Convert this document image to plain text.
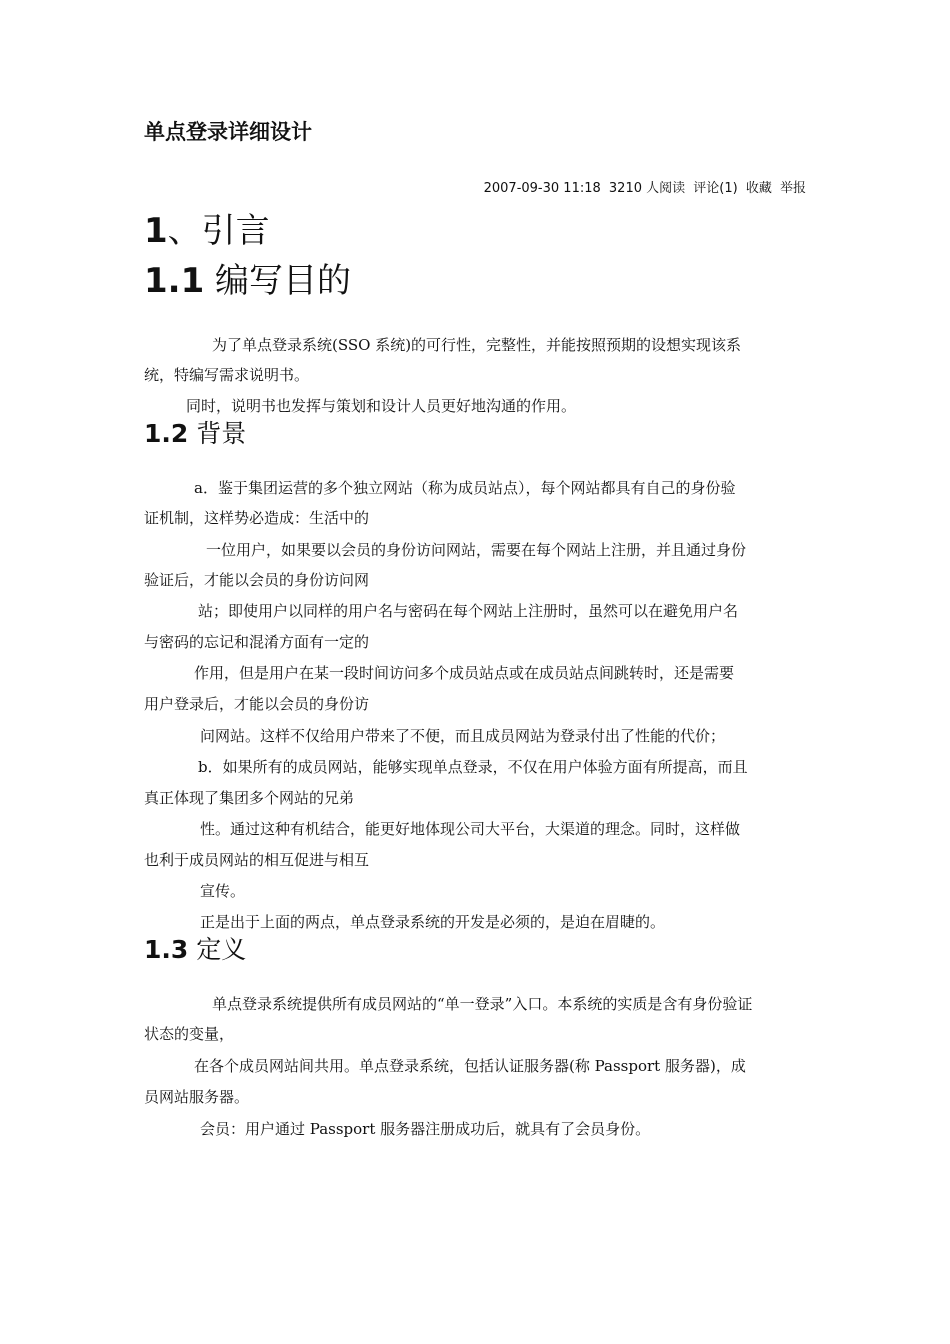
单点登录详细设计
2007-09-30 11:18 3210 人阅读 评论(1) 收藏 举报
1、引言
1.1 编写目的
为了单点登录系统(SSO 系统)的可行性，完整性，并能按照预期的设想实现该系
统，特编写需求说明书。
同时，说明书也发挥与策划和设计人员更好地沟通的作用。
1.2 背景
a．鉴于集团运营的多个独立网站（称为成员站点），每个网站都具有自己的身份验
证机制，这样势必造成：生活中的
一位用户，如果要以会员的身份访问网站，需要在每个网站上注册，并且通过身份
验证后，才能以会员的身份访问网
站；即使用户以同样的用户名与密码在每个网站上注册时，虽然可以在避免用户名
与密码的忘记和混淆方面有一定的
作用，但是用户在某一段时间访问多个成员站点或在成员站点间跳转时，还是需要
用户登录后，才能以会员的身份访
问网站。这样不仅给用户带来了不便，而且成员网站为登录付出了性能的代价；
b．如果所有的成员网站，能够实现单点登录，不仅在用户体验方面有所提高，而且
真正体现了集团多个网站的兄弟
性。通过这种有机结合，能更好地体现公司大平台，大渠道的理念。同时，这样做
也利于成员网站的相互促进与相互
宣传。
正是出于上面的两点，单点登录系统的开发是必须的，是迫在眉睫的。
1.3 定义
单点登录系统提供所有成员网站的“单一登录”入口。本系统的实质是含有身份验证
状态的变量，
在各个成员网站间共用。单点登录系统，包括认证服务器(称 Passport 服务器)，成
员网站服务器。
会员：用户通过 Passport 服务器注册成功后，就具有了会员身份。
